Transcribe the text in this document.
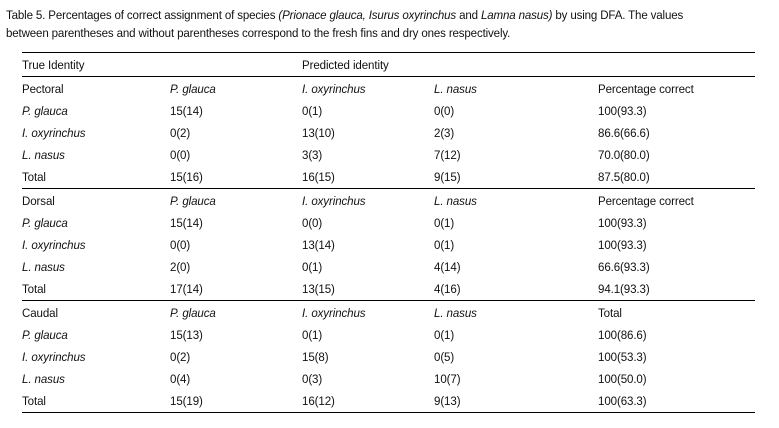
Table 5. Percentages of correct assignment of species (Prionace glauca, Isurus oxyrinchus and Lamna nasus) by using DFA. The values between parentheses and without parentheses correspond to the fresh fins and dry ones respectively.
True Identity		Predicted identity		

Pectoral	P. glauca	I. oxyrinchus	L. nasus	Percentage correct

P. glauca	15(14)	0(1)	0(0)	100(93.3)

I. oxyrinchus	0(2)	13(10)	2(3)	86.6(66.6)

L. nasus	0(0)	3(3)	7(12)	70.0(80.0)

Total	15(16)	16(15)	9(15)	87.5(80.0)

Dorsal	P. glauca	I. oxyrinchus	L. nasus	Percentage correct

P. glauca	15(14)	0(0)	0(1)	100(93.3)

I. oxyrinchus	0(0)	13(14)	0(1)	100(93.3)

L. nasus	2(0)	0(1)	4(14)	66.6(93.3)

Total	17(14)	13(15)	4(16)	94.1(93.3)

Caudal	P. glauca	I. oxyrinchus	L. nasus	Total

P. glauca	15(13)	0(1)	0(1)	100(86.6)

I. oxyrinchus	0(2)	15(8)	0(5)	100(53.3)

L. nasus	0(4)	0(3)	10(7)	100(50.0)

Total	15(19)	16(12)	9(13)	100(63.3)
